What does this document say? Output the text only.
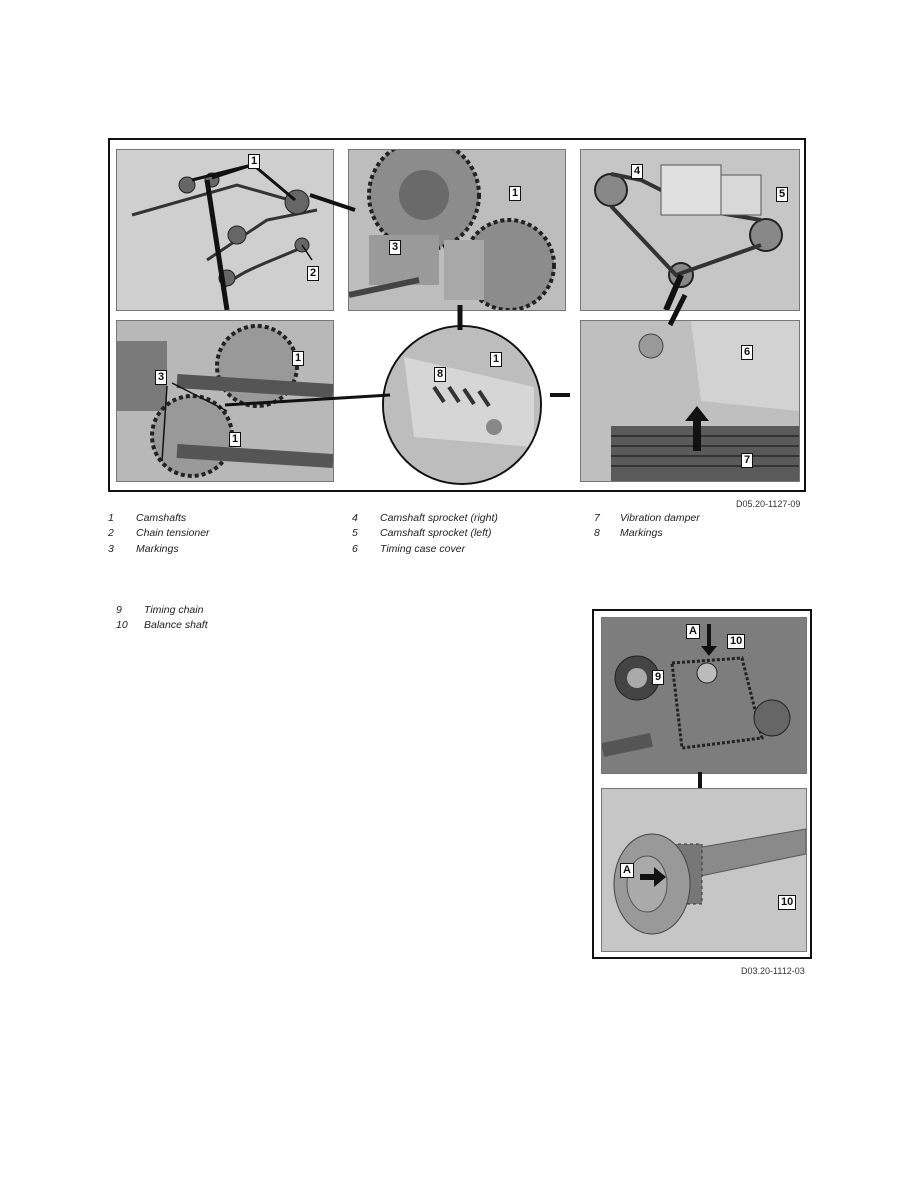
1
2
1
3
4
5
1
3
1
1
8
6
7
D05.20-1127-09
1 Camshafts
2 Chain tensioner
3 Markings
4 Camshaft sprocket (right)
5 Camshaft sprocket (left)
6 Timing case cover
7 Vibration damper
8 Markings
9 Timing chain
10 Balance shaft	A
10
9
A
10
D03.20-1112-03
